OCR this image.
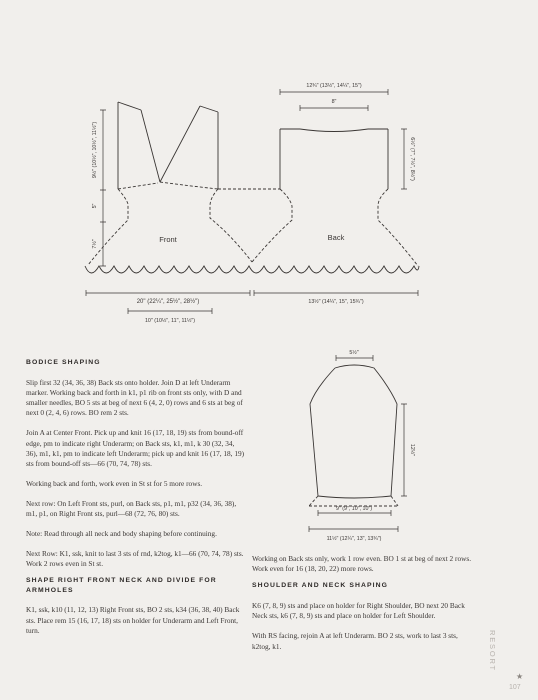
Front	Back
9½" (10½", 10½", 11½")
5"
7½"
20" (22¼", 25½", 28½")
10" (10½", 11", 11½")
12¾" (13½", 14¼", 15")
8"
6½" (7", 7½", 8½")
13½" (14¼", 15", 15¾")
5½"
12½"
9" (9", 10", 10")
11½" (12¼", 13", 13¾")

BODICE SHAPING

Slip first 32 (34, 36, 38) Back sts onto holder. Join D at left Underarm marker. Working back and forth in k1, p1 rib on front sts only, with D and smaller needles, BO 5 sts at beg of next 6 (4, 2, 0) rows and 6 sts at beg of next 0 (2, 4, 6) rows. BO rem 2 sts.

Join A at Center Front. Pick up and knit 16 (17, 18, 19) sts from bound-off edge, pm to indicate right Underarm; on Back sts, k1, m1, k 30 (32, 34, 36), m1, k1, pm to indicate left Underarm; pick up and knit 16 (17, 18, 19) sts from bound-off sts—66 (70, 74, 78) sts.

Working back and forth, work even in St st for 5 more rows.

Next row: On Left Front sts, purl, on Back sts, p1, m1, p32 (34, 36, 38), m1, p1, on Right Front sts, purl—68 (72, 76, 80) sts.

Note: Read through all neck and body shaping before continuing.

Next Row: K1, ssk, knit to last 3 sts of rnd, k2tog, k1—66 (70, 74, 78) sts. Work 2 rows even in St st.

SHAPE RIGHT FRONT NECK AND DIVIDE FOR ARMHOLES

K1, ssk, k10 (11, 12, 13) Right Front sts, BO 2 sts, k34 (36, 38, 40) Back sts. Place rem 15 (16, 17, 18) sts on holder for Underarm and Left Front, turn.

Working on Back sts only, work 1 row even. BO 1 st at beg of next 2 rows. Work even for 16 (18, 20, 22) more rows.

SHOULDER AND NECK SHAPING

K6 (7, 8, 9) sts and place on holder for Right Shoulder, BO next 20 Back Neck sts, k6 (7, 8, 9) sts and place on holder for Left Shoulder.

With RS facing, rejoin A at left Underarm. BO 2 sts, work to last 3 sts, k2tog, k1.	RESORT
★
107
